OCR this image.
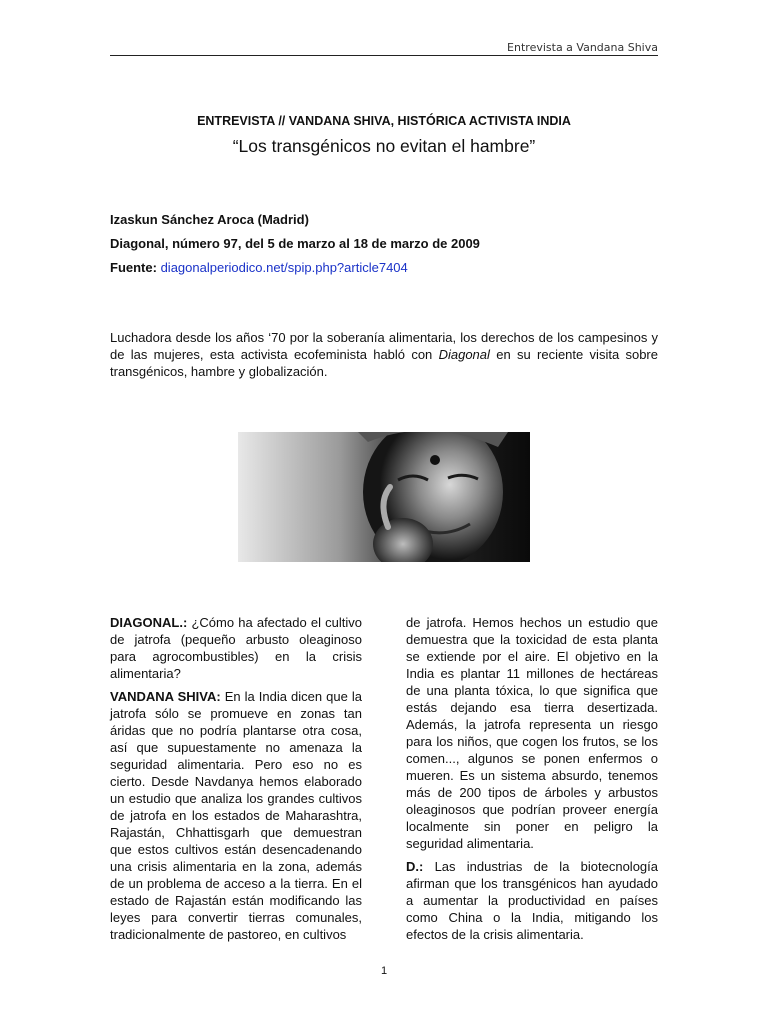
Entrevista a Vandana Shiva
ENTREVISTA // VANDANA SHIVA, HISTÓRICA ACTIVISTA INDIA
“Los transgénicos no evitan el hambre”
Izaskun Sánchez Aroca (Madrid)
Diagonal, número 97, del 5 de marzo al 18 de marzo de 2009
Fuente: diagonalperiodico.net/spip.php?article7404
Luchadora desde los años ‘70 por la soberanía alimentaria, los derechos de los campesinos y de las mujeres, esta activista ecofeminista habló con Diagonal en su reciente visita sobre transgénicos, hambre y globalización.

DIAGONAL.: ¿Cómo ha afectado el cultivo de jatrofa (pequeño arbusto oleaginoso para agrocombustibles) en la crisis alimentaria?

VANDANA SHIVA: En la India dicen que la jatrofa sólo se promueve en zonas tan áridas que no podría plantarse otra cosa, así que supuestamente no amenaza la seguridad alimentaria. Pero eso no es cierto. Desde Navdanya hemos elaborado un estudio que analiza los grandes cultivos de jatrofa en los estados de Maharashtra, Rajastán, Chhattisgarh que demuestran que estos cultivos están desencadenando una crisis alimentaria en la zona, además de un problema de acceso a la tierra. En el estado de Rajastán están modificando las leyes para convertir tierras comunales, tradicionalmente de pastoreo, en cultivos

de jatrofa. Hemos hechos un estudio que demuestra que la toxicidad de esta planta se extiende por el aire. El objetivo en la India es plantar 11 millones de hectáreas de una planta tóxica, lo que significa que estás dejando esa tierra desertizada. Además, la jatrofa representa un riesgo para los niños, que cogen los frutos, se los comen..., algunos se ponen enfermos o mueren. Es un sistema absurdo, tenemos más de 200 tipos de árboles y arbustos oleaginosos que podrían proveer energía localmente sin poner en peligro la seguridad alimentaria.

D.: Las industrias de la biotecnología afirman que los transgénicos han ayudado a aumentar la productividad en países como China o la India, mitigando los efectos de la crisis alimentaria.

1
